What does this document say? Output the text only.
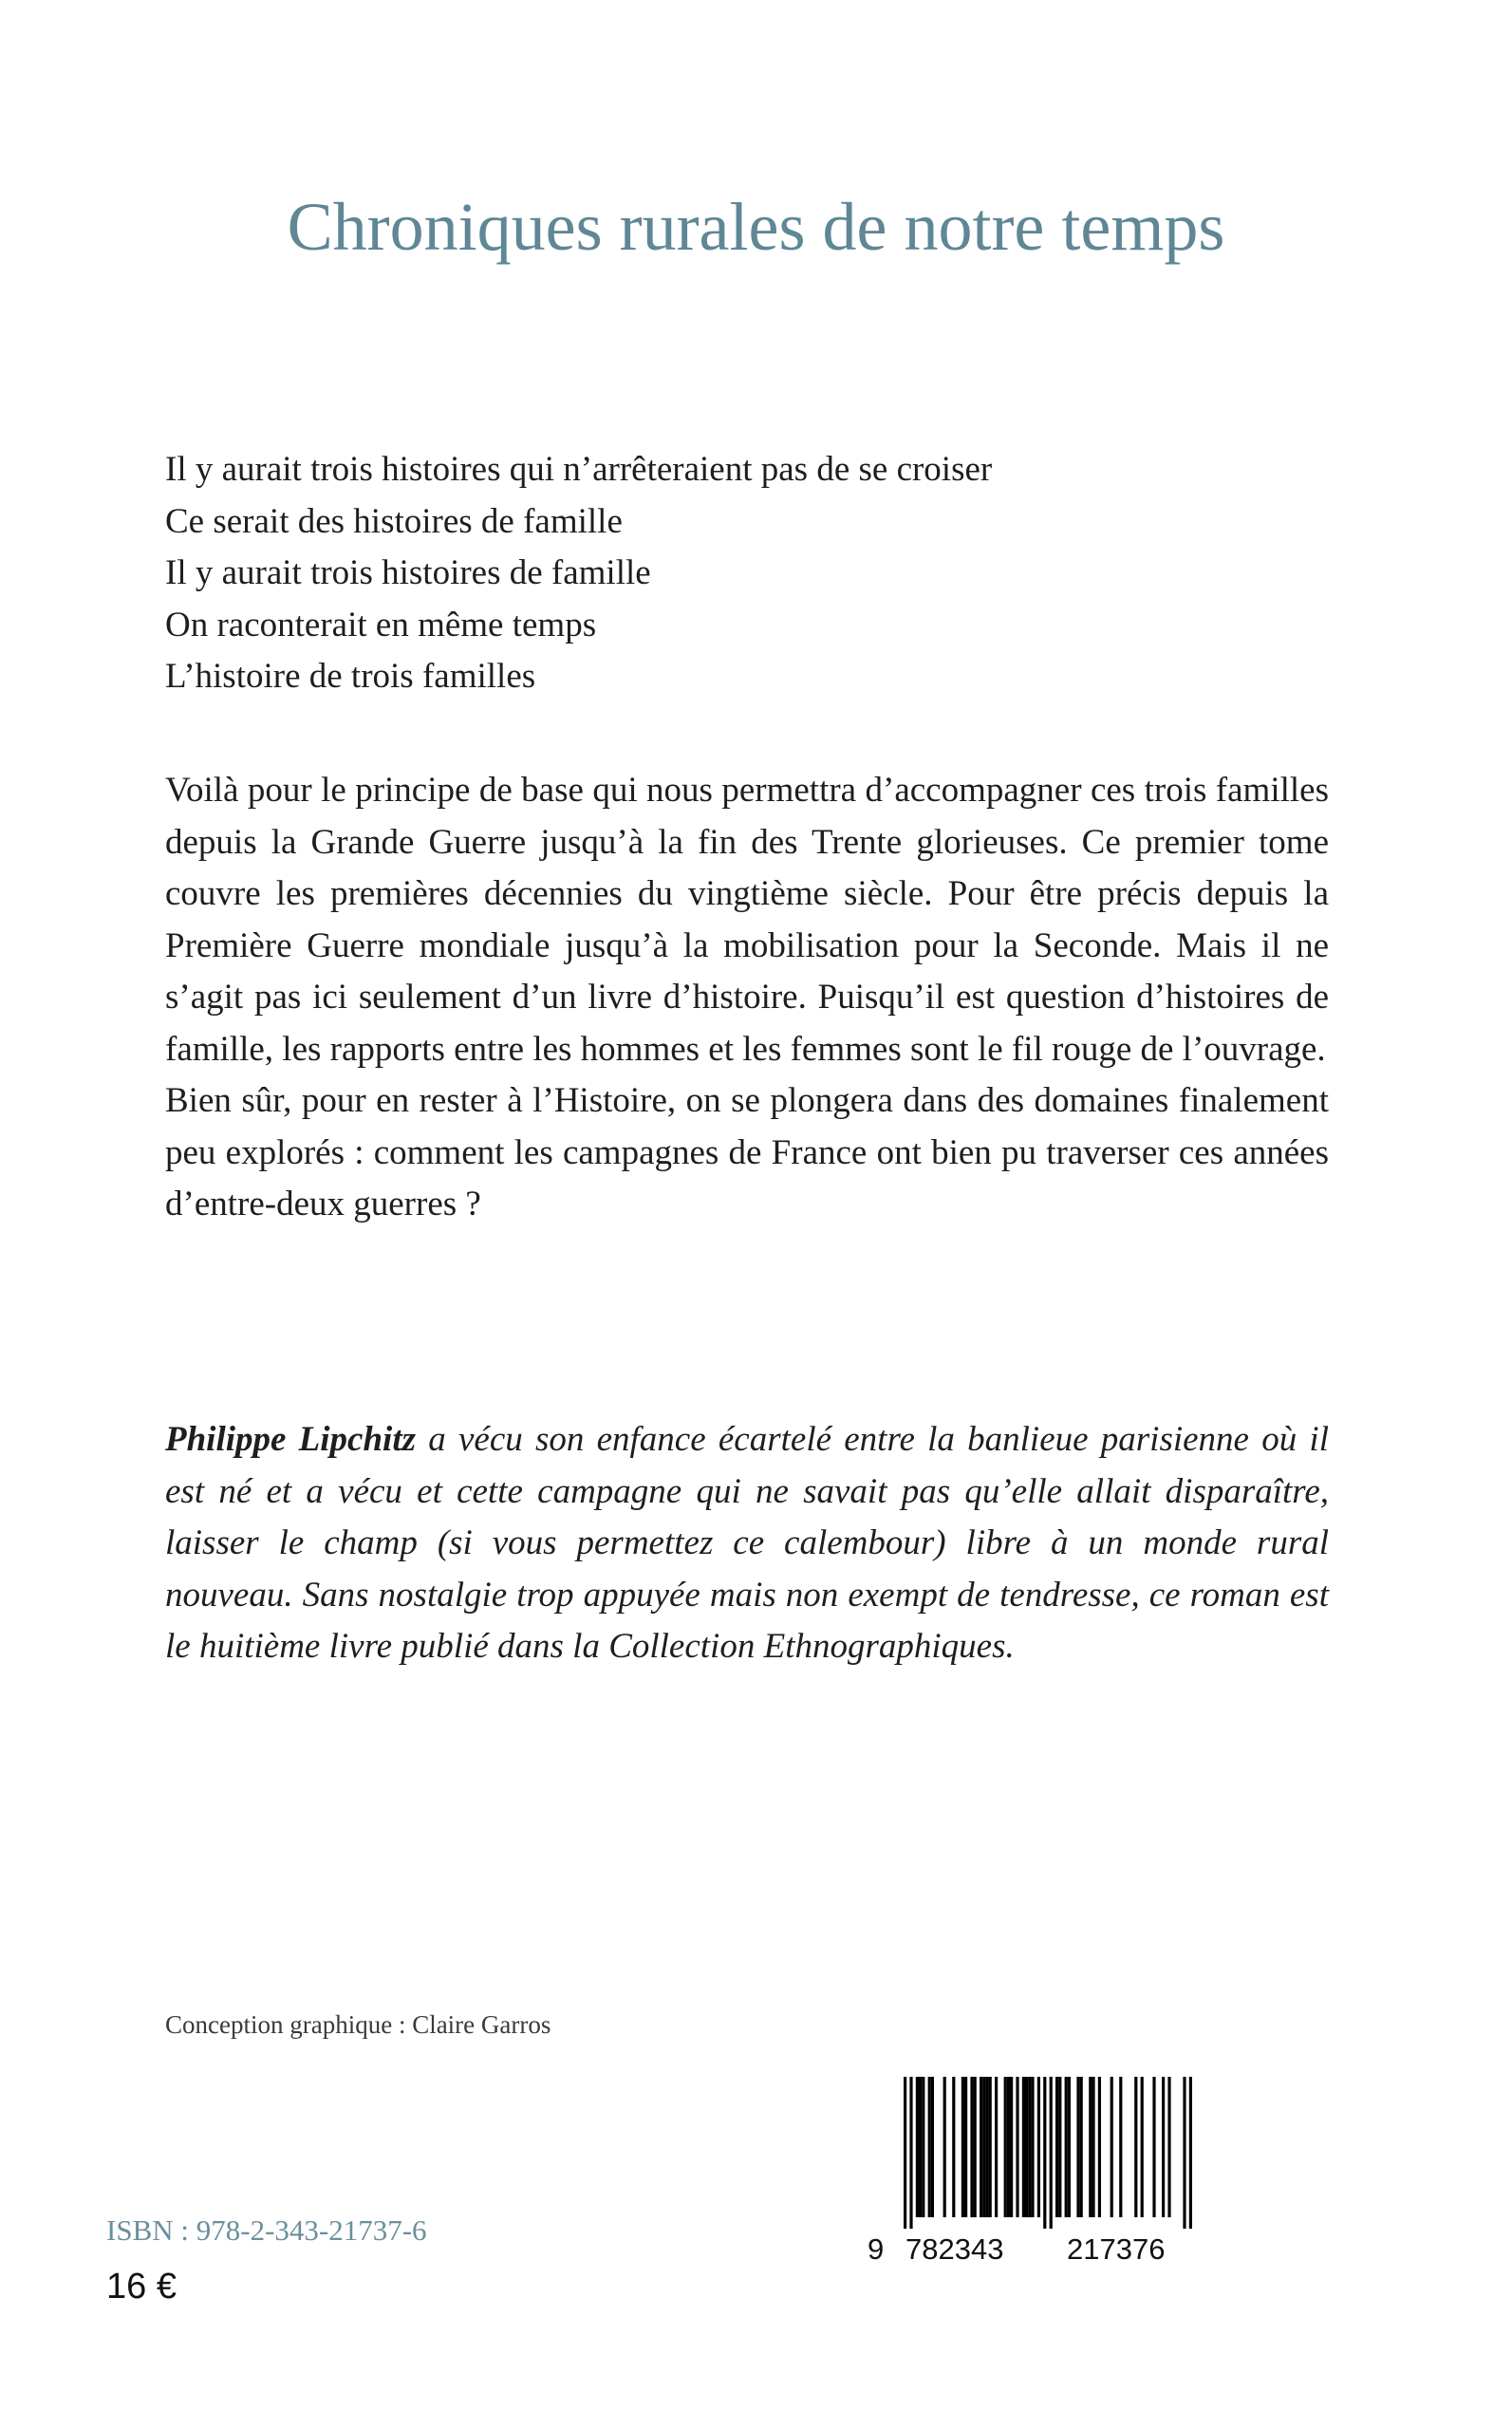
Chroniques rurales de notre temps
Il y aurait trois histoires qui n’arrêteraient pas de se croiser
Ce serait des histoires de famille
Il y aurait trois histoires de famille
On raconterait en même temps
L’histoire de trois familles

Voilà pour le principe de base qui nous permettra d’accompagner ces trois familles depuis la Grande Guerre jusqu’à la fin des Trente glorieuses. Ce premier tome couvre les premières décennies du vingtième siècle. Pour être précis depuis la Première Guerre mondiale jusqu’à la mobilisation pour la Seconde. Mais il ne s’agit pas ici seulement d’un livre d’histoire. Puisqu’il est question d’histoires de famille, les rapports entre les hommes et les femmes sont le fil rouge de l’ouvrage.

Bien sûr, pour en rester à l’Histoire, on se plongera dans des domaines finalement peu explorés : comment les campagnes de France ont bien pu traverser ces années d’entre-deux guerres ?

Philippe Lipchitz a vécu son enfance écartelé entre la banlieue parisienne où il est né et a vécu et cette campagne qui ne savait pas qu’elle allait disparaître, laisser le champ (si vous permettez ce calembour) libre à un monde rural nouveau. Sans nostalgie trop appuyée mais non exempt de tendresse, ce roman est le huitième livre publié dans la Collection Ethnographiques.

Conception graphique : Claire Garros
9 782343 217376
ISBN : 978-2-343-21737-6
16 €
